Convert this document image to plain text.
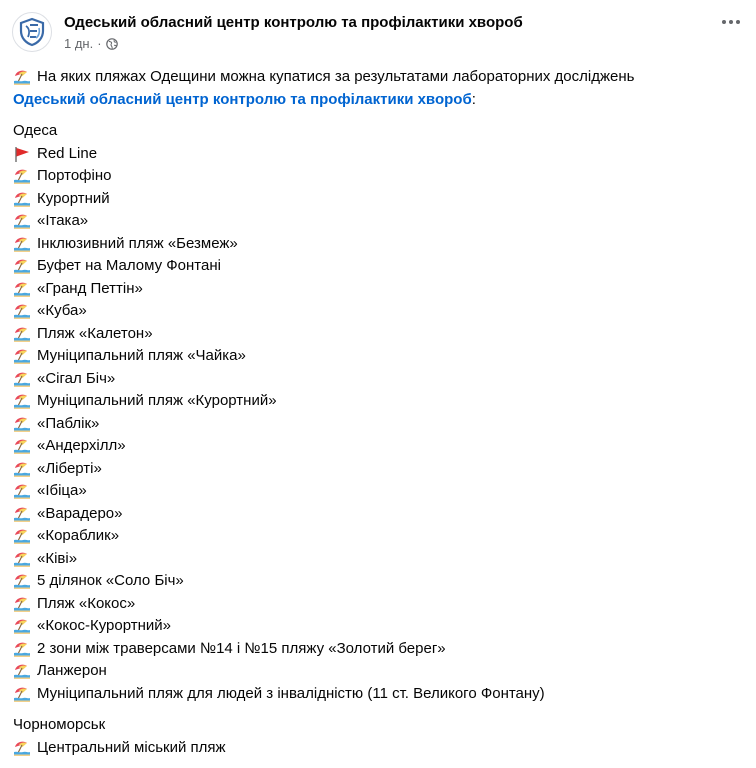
Одеський обласний центр контролю та профілактики хвороб
1 дн. ·
На яких пляжах Одещини можна купатися за результатами лабораторних досліджень
Одеський обласний центр контролю та профілактики хвороб :
Одеса
Red Line
Портофіно
Курортний
«Ітака»
Інклюзивний пляж «Безмеж»
Буфет на Малому Фонтані
«Гранд Петтін»
«Куба»
Пляж «Калетон»
Муніципальний пляж «Чайка»
«Сігал Біч»
Муніципальний пляж «Курортний»
«Паблік»
«Андерхілл»
«Ліберті»
«Ібіца»
«Варадеро»
«Кораблик»
«Ківі»
5 ділянок «Соло Біч»
Пляж «Кокос»
«Кокос-Курортний»
2 зони між траверсами №14 і №15 пляжу «Золотий берег»
Ланжерон
Муніципальний пляж для людей з інвалідністю (11 ст. Великого Фонтану)
Чорноморськ
Центральний міський пляж
